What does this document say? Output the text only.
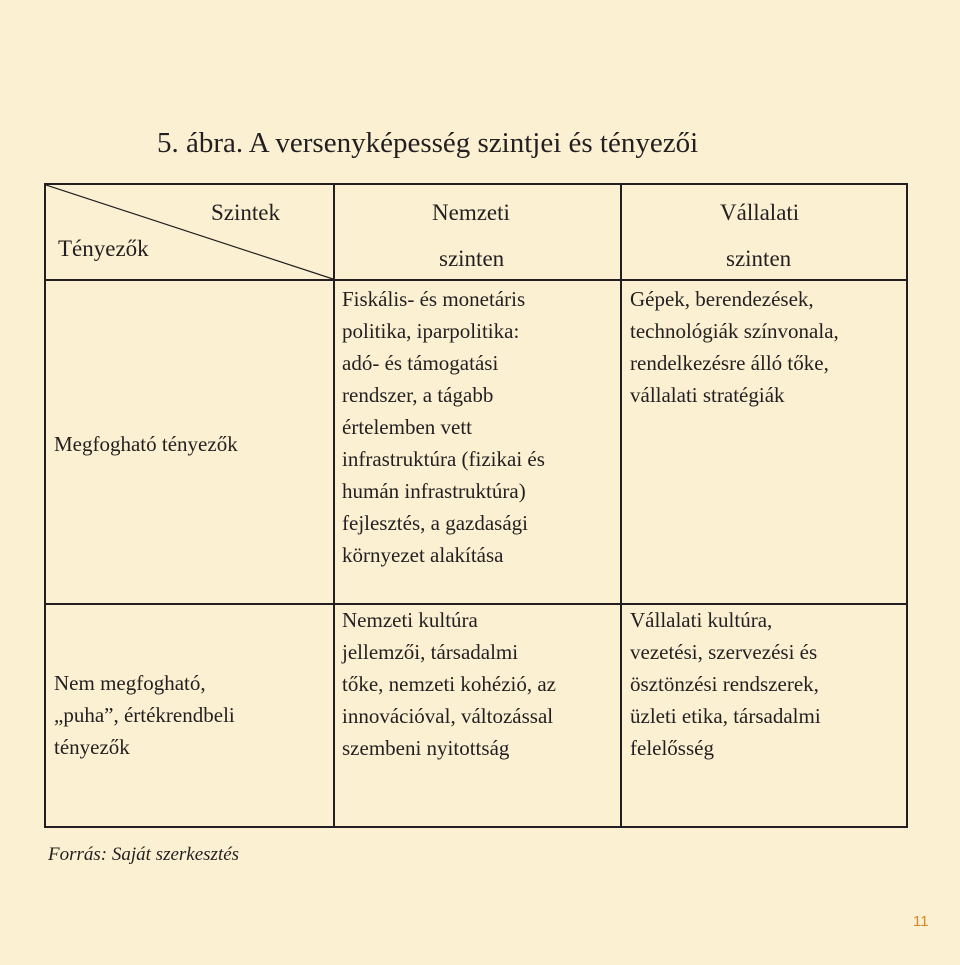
5. ábra. A versenyképesség szintjei és tényezői
Szintek
Tényezők
Nemzeti
szinten
Vállalati
szinten
Megfogható tényezők
Fiskális- és monetáris
politika, iparpolitika:
adó- és támogatási
rendszer, a tágabb
értelemben vett
infrastruktúra (fizikai és
humán infrastruktúra)
fejlesztés, a gazdasági
környezet alakítása
Gépek, berendezések,
technológiák színvonala,
rendelkezésre álló tőke,
vállalati stratégiák
Nem megfogható,
„puha”, értékrendbeli
tényezők
Nemzeti kultúra
jellemzői, társadalmi
tőke, nemzeti kohézió, az
innovációval, változással
szembeni nyitottság
Vállalati kultúra,
vezetési, szervezési és
ösztönzési rendszerek,
üzleti etika, társadalmi
felelősség
Forrás: Saját szerkesztés
11
